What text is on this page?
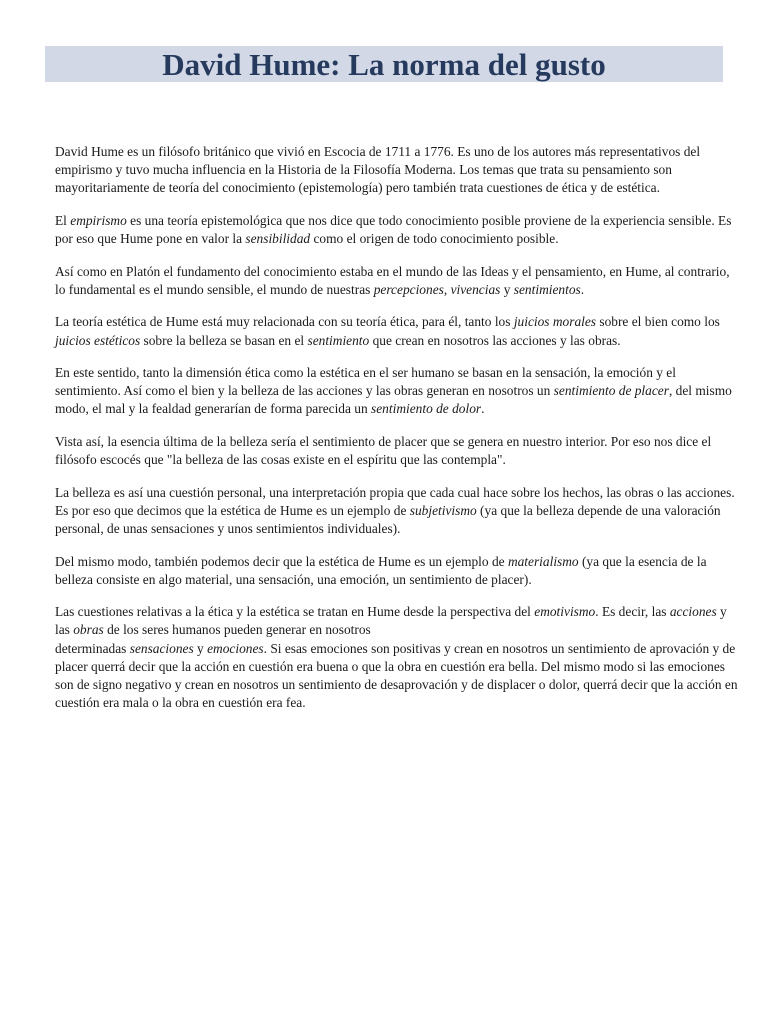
David Hume: La norma del gusto

David Hume es un filósofo británico que vivió en Escocia de 1711 a 1776. Es uno de los autores más representativos del empirismo y tuvo mucha influencia en la Historia de la Filosofía Moderna. Los temas que trata su pensamiento son mayoritariamente de teoría del conocimiento (epistemología) pero también trata cuestiones de ética y de estética.

El empirismo es una teoría epistemológica que nos dice que todo conocimiento posible proviene de la experiencia sensible. Es por eso que Hume pone en valor la sensibilidad como el origen de todo conocimiento posible.

Así como en Platón el fundamento del conocimiento estaba en el mundo de las Ideas y el pensamiento, en Hume, al contrario, lo fundamental es el mundo sensible, el mundo de nuestras percepciones, vivencias y sentimientos.

La teoría estética de Hume está muy relacionada con su teoría ética, para él, tanto los juicios morales sobre el bien como los juicios estéticos sobre la belleza se basan en el sentimiento que crean en nosotros las acciones y las obras.

En este sentido, tanto la dimensión ética como la estética en el ser humano se basan en la sensación, la emoción y el sentimiento. Así como el bien y la belleza de las acciones y las obras generan en nosotros un sentimiento de placer, del mismo modo, el mal y la fealdad generarían de forma parecida un sentimiento de dolor.

Vista así, la esencia última de la belleza sería el sentimiento de placer que se genera en nuestro interior. Por eso nos dice el filósofo escocés que "la belleza de las cosas existe en el espíritu que las contempla".

La belleza es así una cuestión personal, una interpretación propia que cada cual hace sobre los hechos, las obras o las acciones. Es por eso que decimos que la estética de Hume es un ejemplo de subjetivismo (ya que la belleza depende de una valoración personal, de unas sensaciones y unos sentimientos individuales).

Del mismo modo, también podemos decir que la estética de Hume es un ejemplo de materialismo (ya que la esencia de la belleza consiste en algo material, una sensación, una emoción, un sentimiento de placer).

Las cuestiones relativas a la ética y la estética se tratan en Hume desde la perspectiva del emotivismo. Es decir, las acciones y las obras de los seres humanos pueden generar en nosotros
determinadas sensaciones y emociones. Si esas emociones son positivas y crean en nosotros un sentimiento de aprovación y de placer querrá decir que la acción en cuestión era buena o que la obra en cuestión era bella. Del mismo modo si las emociones son de signo negativo y crean en nosotros un sentimiento de desaprovación y de displacer o dolor, querrá decir que la acción en cuestión era mala o la obra en cuestión era fea.
